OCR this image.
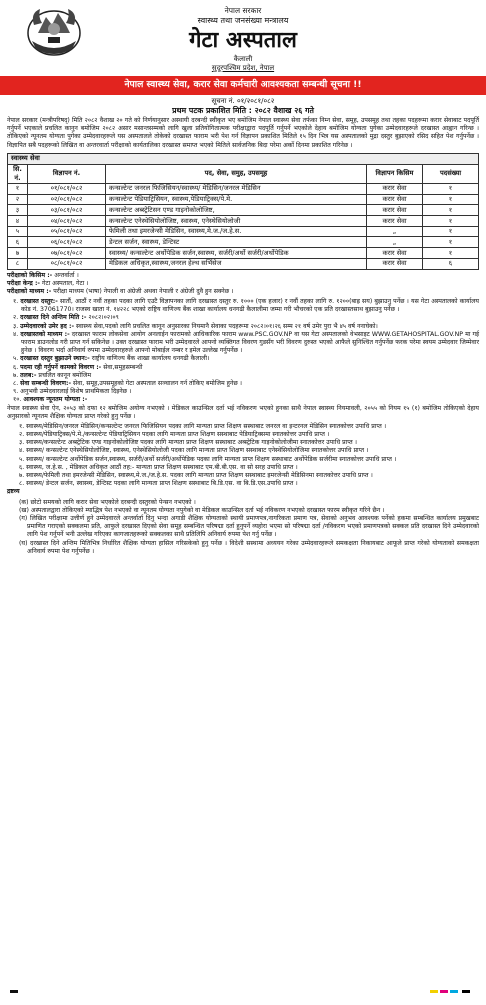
नेपाल सरकार
स्वास्थ्य तथा जनसंख्या मन्त्रालय
गेटा अस्पताल
कैलाली
सुदूरपश्चिम प्रदेश, नेपाल
नेपाल स्वास्थ्य सेवा, करार सेवा कर्मचारी आवश्यकता सम्बन्धी सूचना !!
सूचना नं. ०१/२०८१/०८२
प्रथम पटक प्रकाशित मिति : २०८२ वैशाख २६ गते

नेपाल सरकार (मन्त्रीपरिषद्) मिति २०८२ वैशाख २० गते को निर्णयानुसार अस्थायी दरबन्दी स्वीकृत भए बमोजिम नेपाल स्वास्थ्य सेवा तर्फका निम्न सेवा, समूह, उपसमूह तथा तहका पदहरूमा करार सेवाबाट पदपूर्ति गर्नुपर्ने भएकाले प्रचलित कानुन बमोजिम २०८२ असार मसान्तसम्मको लागि खुला प्रतियोगितात्मक परीक्षाद्वारा पदपूर्ति गर्नुपर्ने भएकोले देहाय बमोजिम योग्यता पुगेका उम्मेदवारहरूले दरखास्त आह्वान गरिन्छ । तोकिएको न्यूनतम योग्यता पुगेका उम्मेदवारहरूले यस अस्पतालले तोकेको दरखास्त फाराम भरी पेश गर्न विज्ञापन प्रकाशित मितिले १५ दिन भित्र यस अस्पतालको मुद्रा दस्तुर बुझाएको रसिद सहित पेश गर्नुपर्नेछ । विज्ञापित सबै पदहरूको लिखित वा अन्तरवार्ता परीक्षाको कार्यतालिका दरखास्त समाप्त भएको मितिले सार्वजनिक बिदा परेमा अर्को दिनमा प्रकाशित गरिनेछ ।

स्वास्थ्य सेवा				
सि. नं.	विज्ञापन नं.	पद, सेवा, समुह, उपसमूह	विज्ञापन किसिम	पदसंख्या
१	०१/०८१/०८२	कन्सल्टेन्ट जनरल फिजिसियन/स्वास्थ्य/ मेडिसिन/जनरल मेडिसिन	करार सेवा	१
२	०२/०८१/०८२	कन्सल्टेन्ट पेडियाट्रिसियन, स्वास्थ्य,पेडियाट्रिक्स/पे.मे.	करार सेवा	१
३	०३/०८१/०८२	कन्सल्टेन्ट अब्स्ट्रेटिसन एण्ड गाइनोकोलोजिष्ट,	करार सेवा	१
४	०४/०८१/०८२	कन्सल्टेन्ट एनेस्थेसियोलोजिष्ट, स्वास्थ्य, एनेस्थेसियोलोजी	करार सेवा	१
५	०५/०८१/०८२	फेमिली तथा इमरजेन्सी मेडिसिन, स्वास्थ्य,मे.ज./ज.हे.स.	„	१
६	०६/०८१/०८२	डेन्टल सर्जन, स्वास्थ्य, डेन्टिस्ट	„	१
७	०७/०८१/०८२	स्वास्थ्य/ कन्सल्टेन्ट अर्थोपेडिक सर्जन,स्वास्थ्य, सर्जरी/अर्थो सर्जरी/अर्थोपेडिक	करार सेवा	१
८	०८/०८१/०८२	मेडिकल अधिकृत,स्वास्थ्य,जनरल हेल्थ सर्भिसेज	करार सेवा	६
परीक्षाको किसिम :- अन्तर्वार्ता ।
परीक्षा केन्द्र :- गेटा अस्पताल, गेटा ।
परीक्षाको माध्यम :- परीक्षा माध्यम (भाषा) नेपाली वा अंग्रेजी अथवा नेपाली र अंग्रेजी दुवै हुन सक्नेछ ।
१. दरखास्त दस्तुर:- सातौं, आठौं र नवौं तहका पदका लागि एउटै विज्ञापनका लागि दरखास्त दस्तुर रु. १००० (एक हजार) र नवौं तहका लागि रु. १२००(बाह्र सय) बुझाउनु पर्नेछ । यस गेटा अस्पतालको कार्यालय कोड नं. 37061770। राजस्व खाता नं. १४२२८ भएको राष्ट्रिय वाणिज्य बैंक शाखा कार्यालय धनगढी कैलालीमा जम्मा गरी भौचरको एक प्रति दरखास्तसाथ बुझाउनु पर्नेछ ।
२. दरखास्त दिने अन्तिम मिति :- २०८२।०२।०९
३. उम्मेदवारको उमेर हद :- स्वास्थ्य सेवा,पदको लागि प्रचलित कानून अनुसारका नियमानै सेवाका पदहरूमा २०८२।०१।२६ सम्म २१ वर्ष उमेर पुरा भै ४५ वर्ष ननाघेको।
४. दरखास्तको माध्यम :- दरखास्त फाराम लोकसेवा आयोग अनलाईन फारामको आधिकारिक फाराम www.PSC.GOV.NP वा यस गेटा अस्पतालको वेभसाइट WWW.GETAHOSPITAL.GOV.NP मा गई फाराम डाउनलोड गरी प्राप्त गर्न सकिनेछ । उक्त दरखास्त फाराम भरी उम्मेदवारले आफ्नो व्यक्तिगत विवरण गुडसँग भरी विवरण दुरुस्त भएको आफैले सुनिश्चित गर्नुपर्नेछ फरक परेमा स्वयम उम्मेदवार जिम्मेवार हुनेछ । विवरण भर्दा अनिवार्य रुपमा उम्मेदवारहरुले आफ्नो मोबाईल नम्बर र इमेल उल्लेख गर्नुपर्नेछ ।
५. दरखास्त दस्तुर बुझाउने स्थान:- राष्ट्रीय वाणिज्य बैंक शाखा कार्यालय धनगढी कैलाली।
६. पदमा रही गर्नुपर्ने कामको विवरण :- सेवा,समुहसम्बन्धी
७. तलब:- प्रचलित कानून बमोजिम
८. सेवा सम्बन्धी विवरण:- सेवा, समूह,उपसमूहको गेटा अस्पताल सञ्चालन गर्न तोकिए बमोजिम हुनेछ ।
९. अनुभवी उम्मेदवारलाई विशेष प्राथमिकता दिइनेछ ।
१०. आवश्यक न्यूनतम योग्यता :-

नेपाल स्वास्थ्य सेवा ऐन, २०५३ को दफा १२ बमोजिम अयोग्य नभएको । मेडिकल काउन्सिल दर्ता भई नविकरण भएको हुनका साथै नेपाल स्वास्थ्य नियमावली, २०५५ को नियम १५ (१) बमोजिम तोकिएको देहाय अनुसारको न्यूनतम शैक्षिक योग्यता प्राप्त गरेको हुनु पर्नेछ ।

१. स्वास्थ्य/मेडिसिन/जनरल मेडिसिन/कन्सल्टेन्ट जनरल फिजिसियन पदका लागि मान्यता प्राप्त शिक्षण सस्थाबाट जनरल वा इन्टरनल मेडिसिन स्नातकोत्तर उपाधि प्राप्त ।
२. स्वास्थ्य/पेडियाट्रिक्स/पे.मे./कन्सल्टेन्ट पेडियाट्रिसियन पदका लागि मान्यता प्राप्त शिक्षण सस्थाबाट पेडियाट्रिक्समा स्नातकोत्तर उपाधि प्राप्त ।
३. स्वास्थ्य/कन्सल्टेन्ट अब्स्ट्रेटिक एण्ड गाइनोकोलोजिष्ट पदका लागि मान्यता प्राप्त शिक्षण सस्थाबाट अब्स्ट्रेटिक गाइनोकोलोजीमा स्नातकोत्तर उपाधि प्राप्त ।
४. स्वास्थ्य/ कन्सल्टेन्ट एनेस्थेसियोलोजिष्ट, स्वास्थ्य, एनेस्थेसियोलोजी पदका लागि मान्यता प्राप्त शिक्षण सस्थाबाट एनेस्थेसियोलोजिमा स्नातकोत्तर उपाधि प्राप्त ।
५. स्वास्थ्य/ कन्सल्टेन्ट अर्थोपेडिक सर्जन,स्वास्थ्य, सर्जरी/अर्थो सर्जरी/अर्थोपेडिक पदका लागि मान्यता प्राप्त शिक्षण सस्थाबाट अर्थोपेडिक सर्जरीमा स्नातकोत्तर उपाधि प्राप्त ।
६. स्वास्थ्य, ज.हे.स. , मेडिकल अधिकृत आठौं तह:- मान्यता प्राप्त शिक्षण सस्थाबाट एम.बी.बी.एस. वा सो सरह उपाधि प्राप्त ।
७. स्वास्थ्य/फेमिली तथा इमरजेन्सी मेडिसिन, स्वास्थ्य,मे.ज./ज.हे.स. पदका लागि मान्यता प्राप्त शिक्षण सस्थाबाट इमरजेन्सी मेडिसिनमा स्नातकोत्तर उपाधि प्राप्त ।
८. स्वास्थ्य/ डेन्टल सर्जन, स्वास्थ्य, डेन्टिस्ट पदका लागि मान्यता प्राप्त शिक्षण सस्थाबाट बि.डि.एस. वा बि.डि.एस.उपाधि प्राप्त ।
द्रष्टव्य
(क) छोटो समयको लागि करार सेवा भएकोले दरबन्दी दस्तुरको पेन्सन नभएको ।
(ख) अस्पतालद्वारा तोकिएको म्याद्भित्र पेश नभएको वा न्यूनतम योग्यता नपुगेको वा मेडिकल काउन्सिल दर्ता भई नविकरण नभएको दरखास्त फारम स्वीकृत गरिने छैन ।
(ग) लिखित परीक्षामा उत्तीर्ण हुने उम्मेदवारले अन्तर्वार्ता दिनु भन्दा अगाडी शैक्षिक योग्यताको स्थायी प्रमाणपत्र,नागरिकता प्रमाण पत्र, सेवाको अनुभव आवश्यक पर्नेको हकमा सम्बन्धित कार्यालय प्रमुखबाट प्रमाणित गराएको सक्कलमा प्रति, आफुले दरखास्त दिएको सेवा समूह सम्बन्धित परिषद्मा दर्ता हुनुपर्ने व्यहोरा भएमा सो परिषद्मा दर्ता /नविकरण भएको प्रमाणपत्रको सक्कल प्रति दरखास्त दिने उम्मेदवारको लागि पेश गर्नुपर्ने भनी उल्लेख गरिएका कागजातहरूको सक्कलका साथै प्रतिलिपि अनिवार्य रुपमा पेश गर्नु पर्नेछ ।
(घ) दरखास्त दिने अन्तिम मितिभित्र निर्धारित शैक्षिक योग्यता हासिल गरिसकेको हुनु पर्नेछ । विदेशी सस्थामा अध्ययन गरेका उम्मेदवारहरूले समकक्षता निकायबाट आफूले प्राप्त गरेको योग्यताको समकक्षता अनिवार्य रुपमा पेश गर्नुपर्नेछ ।
